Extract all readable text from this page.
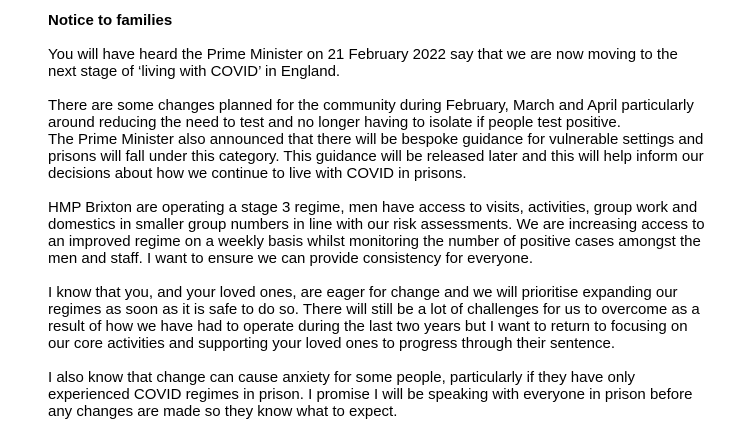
Notice to families
You will have heard the Prime Minister on 21 February 2022 say that we are now moving to the
next stage of ‘living with COVID’ in England.
There are some changes planned for the community during February, March and April particularly
around reducing the need to test and no longer having to isolate if people test positive.
The Prime Minister also announced that there will be bespoke guidance for vulnerable settings and
prisons will fall under this category. This guidance will be released later and this will help inform our
decisions about how we continue to live with COVID in prisons.
HMP Brixton are operating a stage 3 regime, men have access to visits, activities, group work and
domestics in smaller group numbers in line with our risk assessments. We are increasing access to
an improved regime on a weekly basis whilst monitoring the number of positive cases amongst the
men and staff. I want to ensure we can provide consistency for everyone.
I know that you, and your loved ones, are eager for change and we will prioritise expanding our
regimes as soon as it is safe to do so. There will still be a lot of challenges for us to overcome as a
result of how we have had to operate during the last two years but I want to return to focusing on
our core activities and supporting your loved ones to progress through their sentence.
I also know that change can cause anxiety for some people, particularly if they have only
experienced COVID regimes in prison. I promise I will be speaking with everyone in prison before
any changes are made so they know what to expect.
